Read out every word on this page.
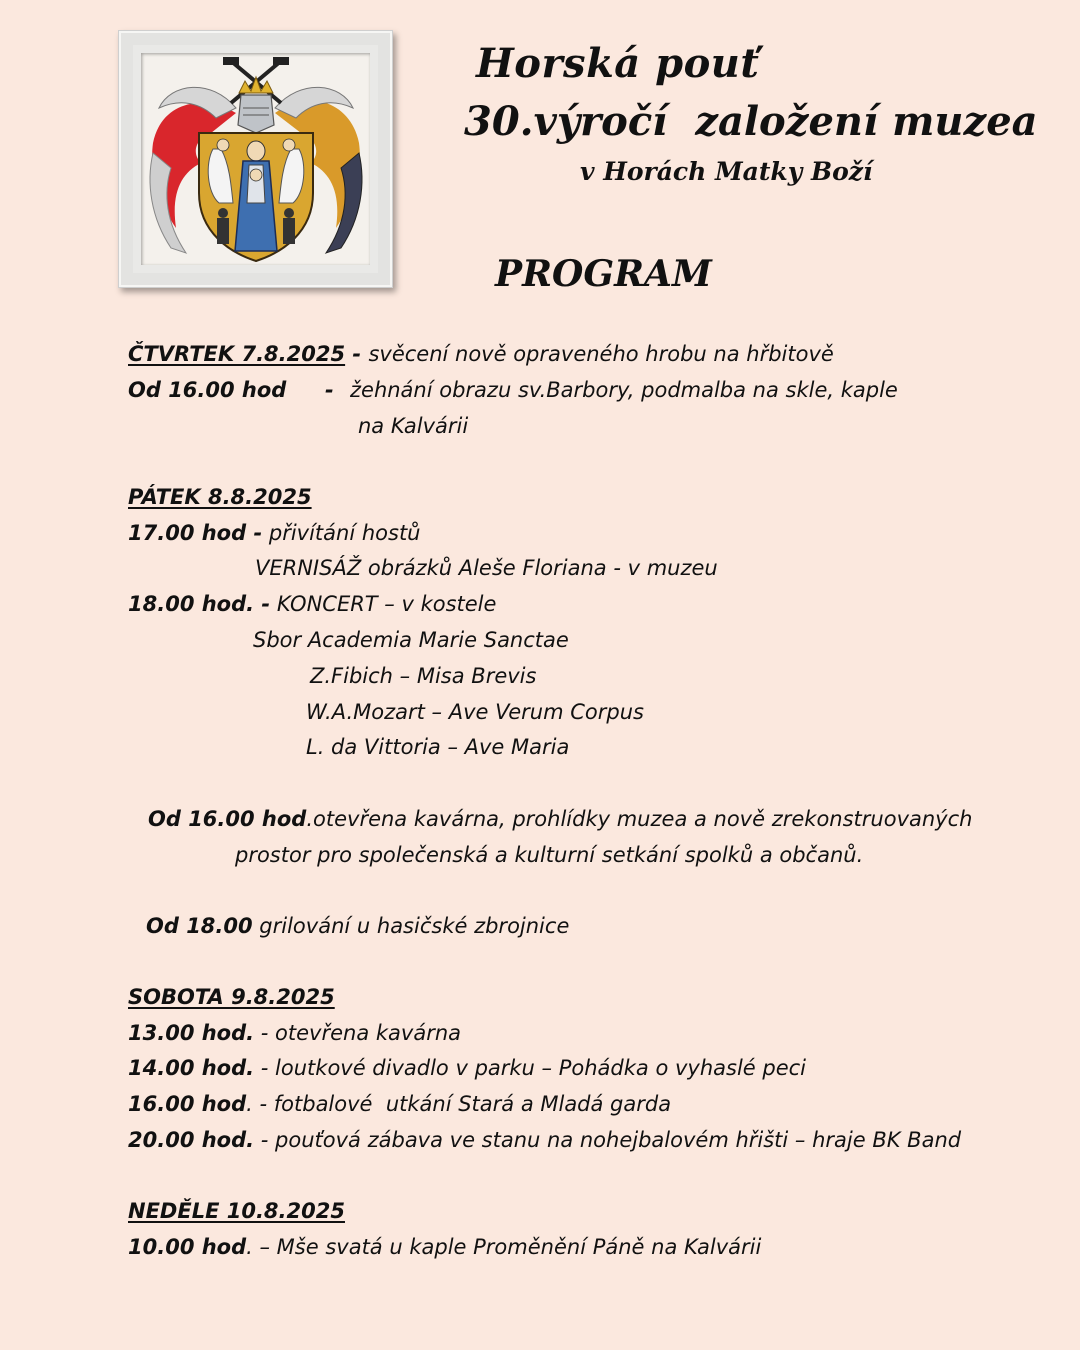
Horská pouť
30.výročí  založení muzea
v Horách Matky Boží
PROGRAM
ČTVRTEK 7.8.2025 - svěcení nově opraveného hrobu na hřbitově
Od 16.00 hod - žehnání obrazu sv.Barbory, podmalba na skle, kaple
na Kalvárii
PÁTEK 8.8.2025
17.00 hod - přivítání hostů
VERNISÁŽ obrázků Aleše Floriana - v muzeu
18.00 hod. - KONCERT – v kostele
Sbor Academia Marie Sanctae
Z.Fibich – Misa Brevis
W.A.Mozart – Ave Verum Corpus
L. da Vittoria – Ave Maria
Od 16.00 hod.otevřena kavárna, prohlídky muzea a nově zrekonstruovaných
prostor pro společenská a kulturní setkání spolků a občanů.
Od 18.00 grilování u hasičské zbrojnice
SOBOTA 9.8.2025
13.00 hod. - otevřena kavárna
14.00 hod. - loutkové divadlo v parku – Pohádka o vyhaslé peci
16.00 hod. - fotbalové  utkání Stará a Mladá garda
20.00 hod. - pouťová zábava ve stanu na nohejbalovém hřišti – hraje BK Band
NEDĚLE 10.8.2025
10.00 hod. – Mše svatá u kaple Proměnění Páně na Kalvárii
